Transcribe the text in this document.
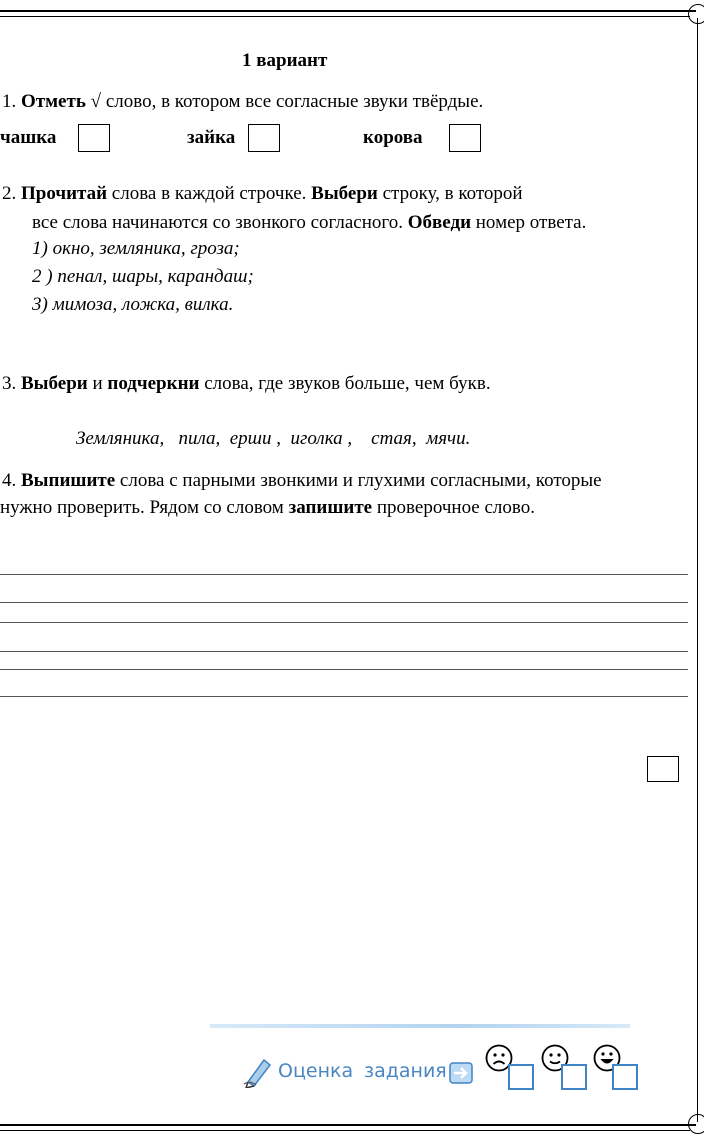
1 вариант
1. Отметь √ слово, в котором все согласные звуки твёрдые.
чашка	зайка	корова
2. Прочитай слова в каждой строчке. Выбери строку, в которой
все слова начинаются со звонкого согласного. Обведи номер ответа.
1) окно, земляника, гроза;
2 ) пенал, шары, карандаш;
3) мимоза, ложка, вилка.
3. Выбери и подчеркни слова, где звуков больше, чем букв.
Земляника,   пила,  ерши ,  иголка ,    стая,  мячи.
4. Выпишите слова с парными звонкими и глухими согласными, которые
нужно проверить. Рядом со словом запишите проверочное слово.
Оценка задания
